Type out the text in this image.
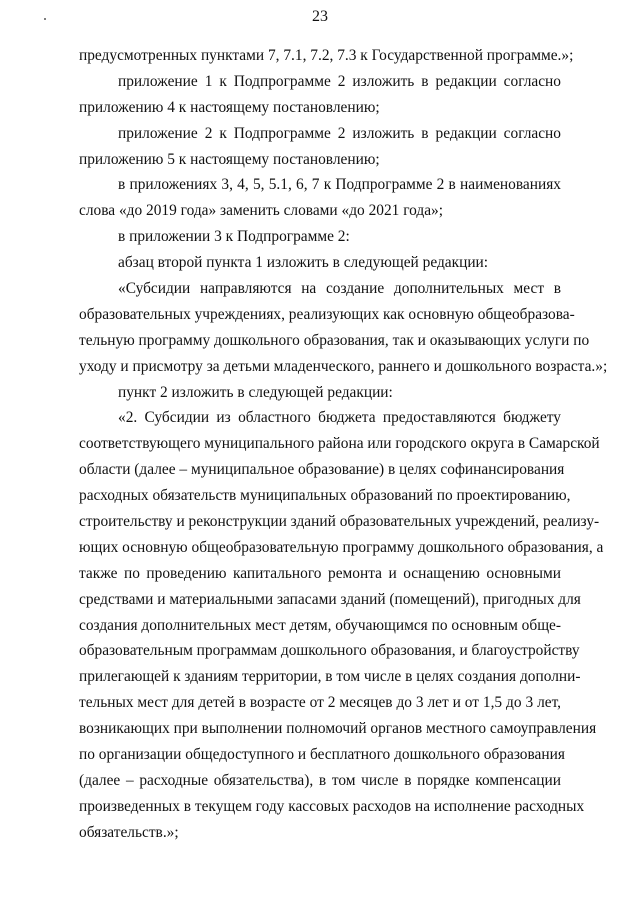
23
предусмотренных пунктами 7, 7.1, 7.2, 7.3 к Государственной программе.»;
приложение 1 к Подпрограмме 2 изложить в редакции согласно
приложению 4 к настоящему постановлению;
приложение 2 к Подпрограмме 2 изложить в редакции согласно
приложению 5 к настоящему постановлению;
в приложениях 3, 4, 5, 5.1, 6, 7 к Подпрограмме 2 в наименованиях
слова «до 2019 года» заменить словами «до 2021 года»;
в приложении 3 к Подпрограмме 2:
абзац второй пункта 1 изложить в следующей редакции:
«Субсидии направляются на создание дополнительных мест в
образовательных учреждениях, реализующих как основную общеобразова-
тельную программу дошкольного образования, так и оказывающих услуги по
уходу и присмотру за детьми младенческого, раннего и дошкольного возраста.»;
пункт 2 изложить в следующей редакции:
«2. Субсидии из областного бюджета предоставляются бюджету
соответствующего муниципального района или городского округа в Самарской
области (далее – муниципальное образование) в целях софинансирования
расходных обязательств муниципальных образований по проектированию,
строительству и реконструкции зданий образовательных учреждений, реализу-
ющих основную общеобразовательную программу дошкольного образования, а
также по проведению капитального ремонта и оснащению основными
средствами и материальными запасами зданий (помещений), пригодных для
создания дополнительных мест детям, обучающимся по основным обще-
образовательным программам дошкольного образования, и благоустройству
прилегающей к зданиям территории, в том числе в целях создания дополни-
тельных мест для детей в возрасте от 2 месяцев до 3 лет и от 1,5 до 3 лет,
возникающих при выполнении полномочий органов местного самоуправления
по организации общедоступного и бесплатного дошкольного образования
(далее – расходные обязательства), в том числе в порядке компенсации
произведенных в текущем году кассовых расходов на исполнение расходных
обязательств.»;
